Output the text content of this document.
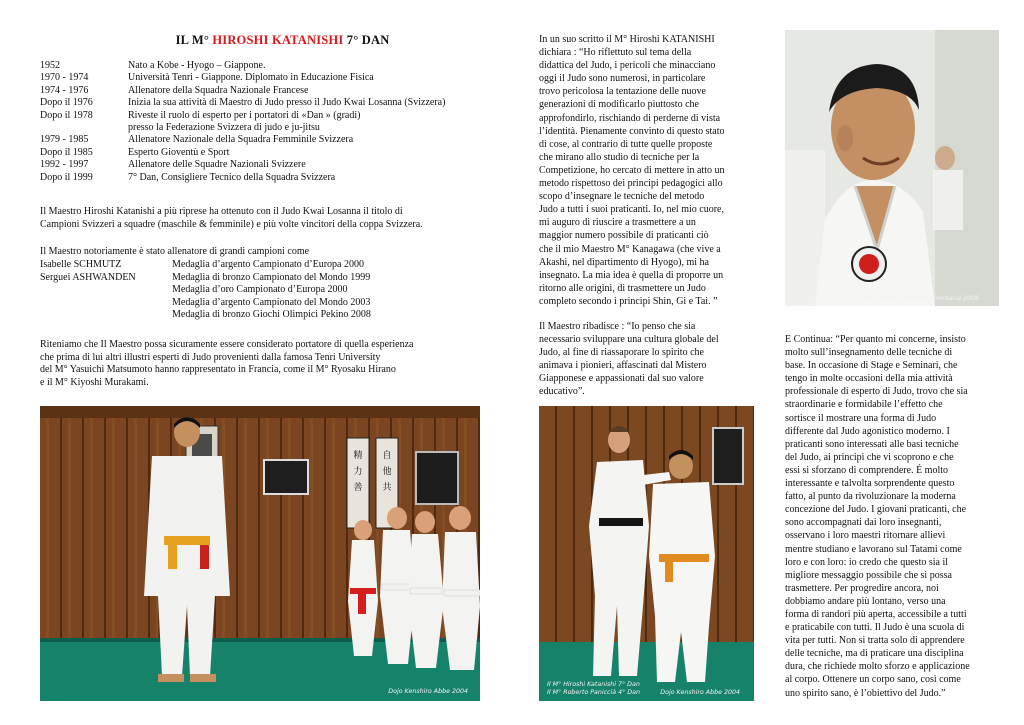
IL M° HIROSHI KATANISHI 7° DAN
1952	Nato a Kobe - Hyogo – Giappone.
1970 - 1974	Università Tenri - Giappone. Diplomato in Educazione Fisica
1974 - 1976	Allenatore della Squadra Nazionale Francese
Dopo il 1976	Inizia la sua attività di Maestro di Judo presso il Judo Kwai Losanna (Svizzera)
Dopo il 1978	Riveste il ruolo di esperto per i portatori di «Dan » (gradi)
presso la Federazione Svizzera di judo e ju-jitsu
1979 - 1985	Allenatore Nazionale della Squadra Femminile Svizzera
Dopo il 1985	Esperto Gioventù e Sport
1992 - 1997	Allenatore delle Squadre Nazionali Svizzere
Dopo il 1999	7° Dan, Consigliere Tecnico della Squadra Svizzera
Il Maestro Hiroshi Katanishi a più riprese ha ottenuto con il Judo Kwai Losanna il titolo di
Campioni Svizzeri a squadre (maschile & femminile) e più volte vincitori della coppa Svizzera.
Il Maestro notoriamente è stato allenatore di grandi campioni come
Isabelle SCHMUTZ	Medaglia d’argento Campionato d’Europa 2000
Serguei ASHWANDEN	Medaglia di bronzo Campionato del Mondo 1999
Medaglia d’oro Campionato d’Europa 2000
Medaglia d’argento Campionato del Mondo 2003
Medaglia di bronzo Giochi Olimpici Pekino 2008
Riteniamo che Il Maestro possa sicuramente essere considerato portatore di quella esperienza
che prima di lui altri illustri esperti di Judo provenienti dalla famosa Tenri University
del M° Yasuichi Matsumoto hanno rappresentato in Francia, come il M° Ryosaku Hirano
e il M° Kiyoshi Murakami.
精
力
善
自
他
共
Dojo Kenshiro Abbe 2004
In un suo scritto il M° Hiroshi KATANISHI
dichiara : “Ho riflettuto sul tema della
didattica del Judo, i pericoli che minacciano
oggi il Judo sono numerosi, in particolare
trovo pericolosa la tentazione delle nuove
generazioni di modificarlo piuttosto che
approfondirlo, rischiando di perderne di vista
l’identità. Pienamente convinto di questo stato
di cose, al contrario di tutte quelle proposte
che mirano allo studio di tecniche per la
Competizione, ho cercato di mettere in atto un
metodo rispettoso dei principi pedagogici allo
scopo d’insegnare le tecniche del metodo
Judo a tutti i suoi praticanti. Io, nel mio cuore,
mi auguro di riuscire a trasmettere a un
maggior numero possibile di praticanti ciò
che il mio Maestro M° Kanagawa (che vive a
Akashi, nel dipartimento di Hyogo), mi ha
insegnato. La mia idea è quella di proporre un
ritorno alle origini, di trasmettere un Judo
completo secondo i principi Shin, Gi e Tai. ”
Il Maestro ribadisce : “Io penso che sia
necessario sviluppare una cultura globale del
Judo, al fine di riassaporare lo spirito che
animava i pionieri, affascinati dal Mistero
Giapponese e appassionati dal suo valore
educativo”.
Il M° Hiroshi Katanishi 7° Dan
Il M° Roberto Paniccià 4° Dan	Dojo Kenshiro Abbe 2004
Il M° Hiroshi Katanishi - Herbaria 2006
E Continua: “Per quanto mi concerne, insisto
molto sull’insegnamento delle tecniche di
base. In occasione di Stage e Seminari, che
tengo in molte occasioni della mia attività
professionale di esperto di Judo, trovo che sia
straordinarie e formidabile l’effetto che
sortisce il mostrare una forma di Judo
differente dal Judo agonistico moderno. I
praticanti sono interessati alle basi tecniche
del Judo, ai principi che vi scoprono e che
essi si sforzano di comprendere. É molto
interessante e talvolta sorprendente questo
fatto, al punto da rivoluzionare la moderna
concezione del Judo. I giovani praticanti, che
sono accompagnati dai loro insegnanti,
osservano i loro maestri ritornare allievi
mentre studiano e lavorano sul Tatami come
loro e con loro: io credo che questo sia il
migliore messaggio possibile che si possa
trasmettere. Per progredire ancora, noi
dobbiamo andare più lontano, verso una
forma di randori più aperta, accessibile a tutti
e praticabile con tutti. Il Judo è una scuola di
vita per tutti. Non si tratta solo di apprendere
delle tecniche, ma di praticare una disciplina
dura, che richiede molto sforzo e applicazione
al corpo. Ottenere un corpo sano, così come
uno spirito sano, è l’obiettivo del Judo.”
